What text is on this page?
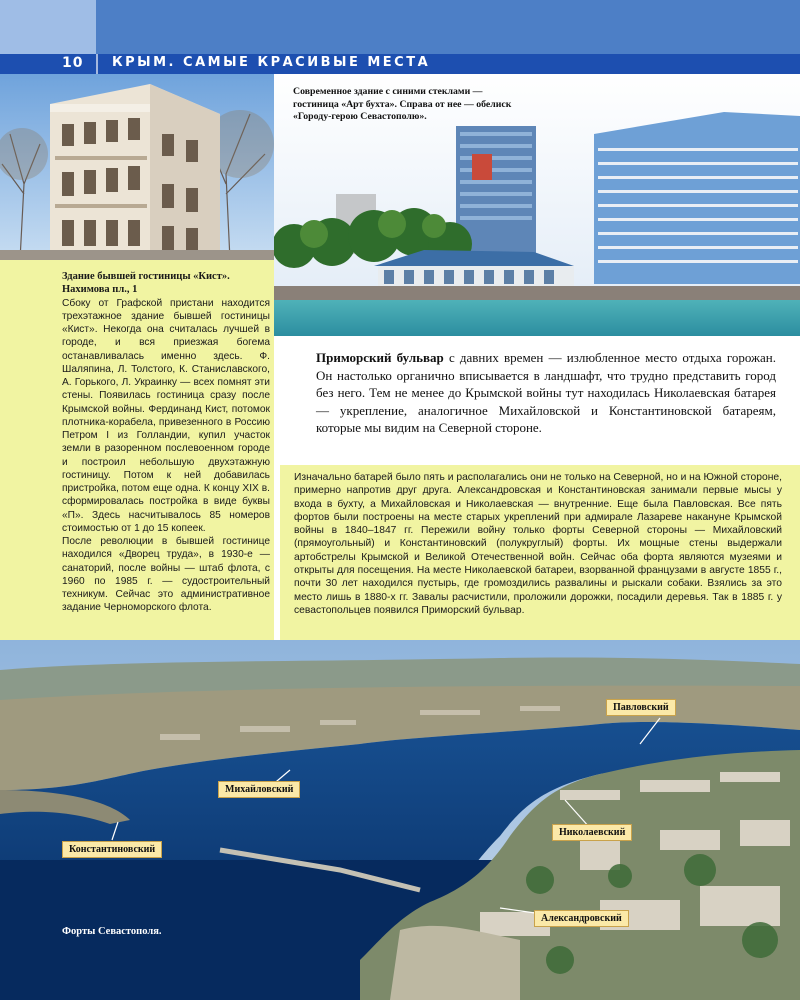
10 КРЫМ. САМЫЕ КРАСИВЫЕ МЕСТА
Здание бывшей гостиницы «Кист».
Нахимова пл., 1

Сбоку от Графской пристани находится трехэтажное здание бывшей гостиницы «Кист». Некогда она считалась лучшей в городе, и вся приезжая богема останавливалась именно здесь. Ф. Шаляпина, Л. Толстого, К. Станиславского, А. Горького, Л. Украинку — всех помнят эти стены. Появилась гостиница сразу после Крымской войны. Фердинанд Кист, потомок плотника-корабела, привезенного в Россию Петром I из Голландии, купил участок земли в разоренном послевоенном городе и построил небольшую двухэтажную гостиницу. Потом к ней добавилась пристройка, потом еще одна. К концу XIX в. сформировалась постройка в виде буквы «П». Здесь насчитывалось 85 номеров стоимостью от 1 до 15 копеек.

После революции в бывшей гостинице находился «Дворец труда», в 1930-е — санаторий, после войны — штаб флота, с 1960 по 1985 г. — судостроительный техникум. Сейчас это административное задание Черноморского флота.

Современное здание с синими стеклами — гостиница «Арт бухта». Справа от нее — обелиск «Городу-герою Севастополю».
Приморский бульвар с давних времен — излюбленное место отдыха горожан. Он настолько органично вписывается в ландшафт, что трудно представить город без него. Тем не менее до Крымской войны тут находилась Николаевская батарея — укрепление, аналогичное Михайловской и Константиновской батареям, которые мы видим на Северной стороне.
Изначально батарей было пять и располагались они не только на Северной, но и на Южной стороне, примерно напротив друг друга. Александровская и Константиновская занимали первые мысы у входа в бухту, а Михайловская и Николаевская — внутренние. Еще была Павловская. Все пять фортов были построены на месте старых укреплений при адмирале Лазареве накануне Крымской войны в 1840–1847 гг. Пережили войну только форты Северной стороны — Михайловский (прямоугольный) и Константиновский (полукруглый) форты. Их мощные стены выдержали артобстрелы Крымской и Великой Отечественной войн. Сейчас оба форта являются музеями и открыты для посещения. На месте Николаевской батареи, взорванной французами в августе 1855 г., почти 30 лет находился пустырь, где громоздились развалины и рыскали собаки. Взялись за это место лишь в 1880-х гг. Завалы расчистили, проложили дорожки, посадили деревья. Так в 1885 г. у севастопольцев появился Приморский бульвар.
Павловский
Михайловский
Константиновский
Николаевский
Александровский
Форты Севастополя.
